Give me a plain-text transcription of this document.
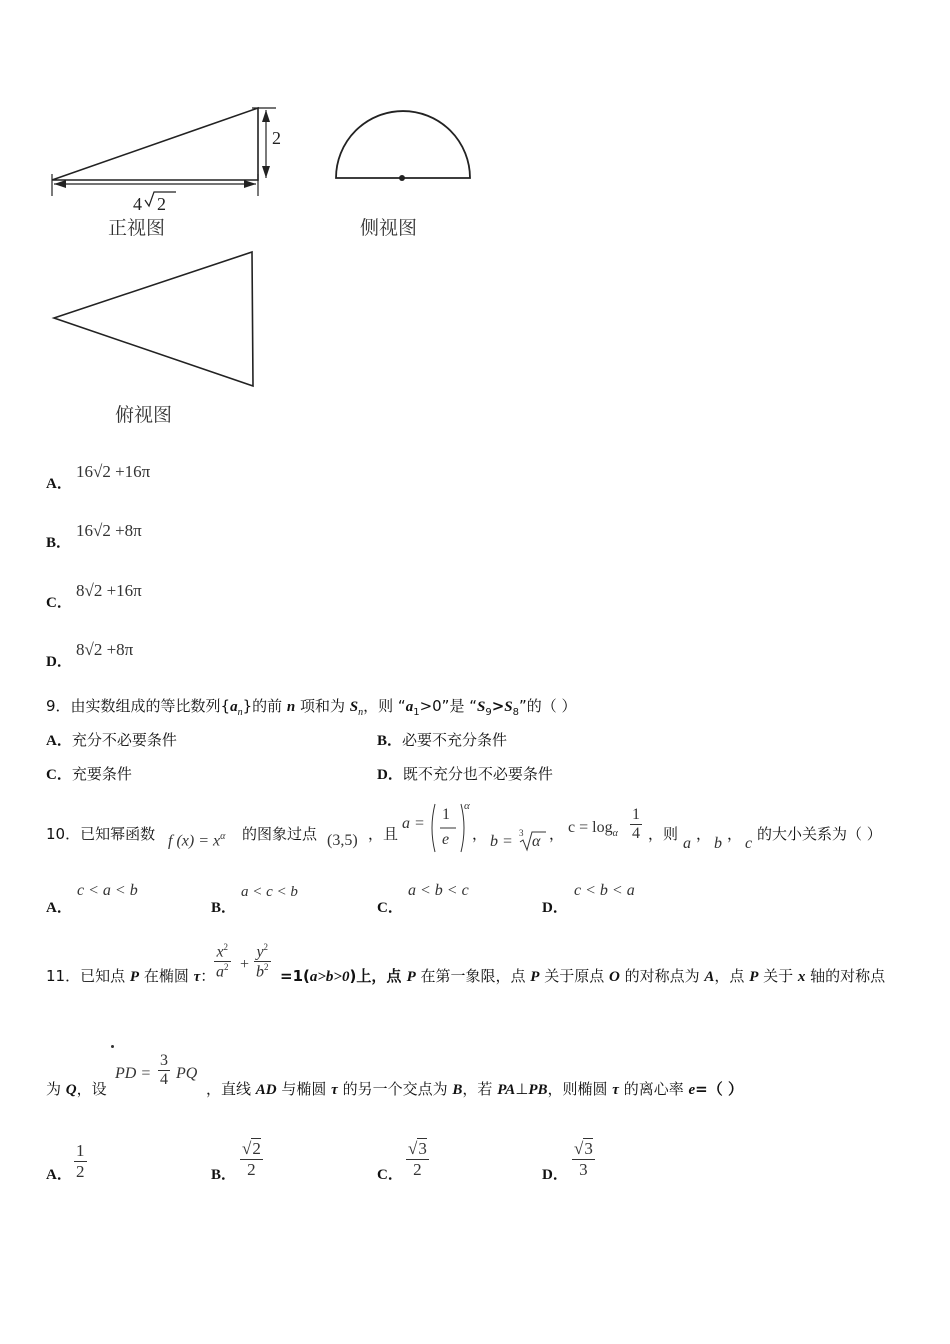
4 2
2
正视图	侧视图
俯视图
A．
16√2 +16π
B．
16√2 +8π
C．
8√2 +16π
D．
8√2 +8π
9．由实数组成的等比数列$\{a_n\}$的前 n 项和为 $S_n$，则 “$a_1>0$”是 “$S_9>S_8$”的（ ）
A．充分不必要条件	B．必要不充分条件
C．充要条件	D．既不充分也不必要条件
10．已知幂函数 f $(x) = x^\alpha$ 的图象过点 (3,5) ，且
a =
1
e
α
， b = 3 α ， $c = \log_\alpha \frac{1}{4}$ ，则
a
，
b
，
c
的大小关系为（ ）
A．
c < a < b
B．
a < c < b
C．
a < b < c
D．
c < b < a
11．已知点 P 在椭圆 τ：
$\frac{x^2}{a^2} + \frac{y^2}{b^2} =1(a>b>0)$上，点 P 在第一象限，点 P 关于原点 O 的对称点为 A，点 P 关于 x 轴的对称点
为 Q，设
PD = $\frac{3}{4}$ PQ
，直线 AD 与椭圆 τ 的另一个交点为 B，若 PA⊥PB，则椭圆 τ 的离心率 e=（ ）
A． $\frac{1}{2}$	B． $\frac{√2}{2}$	C． $\frac{√3}{2}$	D． $\frac{√3}{3}$
